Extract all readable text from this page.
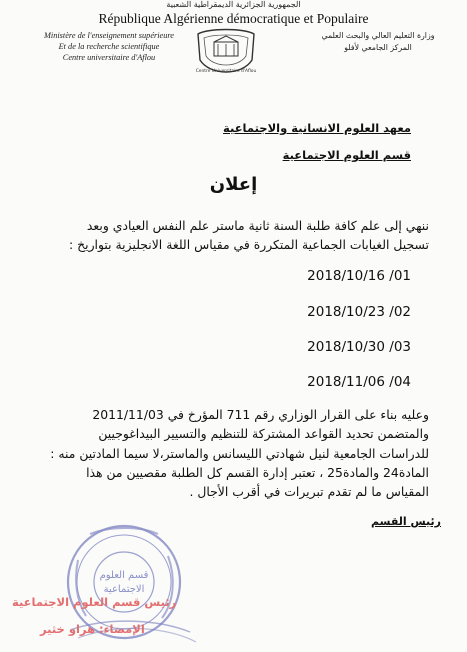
الجمهورية الجزائرية الديمقراطية الشعبية
République Algérienne démocratique et Populaire
Ministère de l'enseignement supérieure
Et de la recherche scientifique
Centre universitaire d'Aflou
Centre Universitaire d'Aflou
وزارة التعليم العالي والبحث العلمي
المركز الجامعي لأفلو
معهد العلوم الانسانية والاجتماعية
قسم العلوم الاجتماعية
إعلان
ننهي إلى علم كافة طلبة السنة ثانية ماستر علم النفس العيادي وبعد
تسجيل الغيابات الجماعية المتكررة في مقياس اللغة الانجليزية بتواريخ :
01/ 2018/10/16
02/ 2018/10/23
03/ 2018/10/30
04/ 2018/11/06
وعليه بناء على القرار الوزاري رقم 711 المؤرخ في 2011/11/03
والمتضمن تحديد القواعد المشتركة للتنظيم والتسيير البيداغوجيين
للدراسات الجامعية لنيل شهادتي الليسانس والماستر،لا سيما المادتين منه :
المادة24 والمادة25 ، تعتبر إدارة القسم كل الطلبة مقصيين من هذا
المقياس ما لم تقدم تبريرات في أقرب الأجال .
رئيس القسم
قسم العلوم
الاجتماعية
رئيس قسم العلوم الاجتماعية
الإمضاء: هراو خثير
